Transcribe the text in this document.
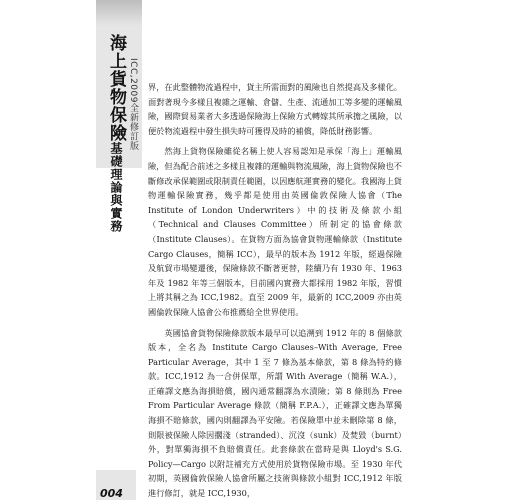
海上貨物保險基礎理論與實務
ICC,2009全新修訂版 界，在此整體物流過程中，貨主所需面對的風險也自然提高及多樣化。面對著現今多樣且複雜之運輸、倉儲、生產、流通加工等多變的運輸風險，國際貿易業者大多透過保險海上保險方式轉嫁其所承擔之風險，以便於物流過程中發生損失時可獲得及時的補償，降低財務影響。

然海上貨物保險雖從名稱上使人容易認知是承保「海上」運輸風險，但為配合前述之多樣且複雜的運輸與物流風險，海上貨物保險也不斷修改承保範圍或限制責任範圍，以因應航運實務的變化。我國海上貨物運輸保險實務，幾乎都是使用由英國倫敦保險人協會（The Institute of London Underwriters）中的技術及條款小組（Technical and Clauses Committee）所制定的協會條款（Institute Clauses）。在貨物方面為協會貨物運輸條款（Institute Cargo Clauses，簡稱 ICC），最早的版本為 1912 年版，經過保險及航貿市場變遷後，保險條款不斷著更替，陸續乃有 1930 年、1963 年及 1982 年等三個版本，目前國內實務大都採用 1982 年版，習慣上將其稱之為 ICC,1982。直至 2009 年，最新的 ICC,2009 亦由英國倫敦保險人協會公布推薦給全世界使用。

英國協會貨物保險條款版本最早可以追溯到 1912 年的 8 個條款版本，全名為 Institute Cargo Clauses–With Average, Free Particular Average，其中 1 至 7 條為基本條款，第 8 條為特約條款。ICC,1912 為一合併保單，所謂 With Average（簡稱 W.A.），正確譯文應為海損賠償，國內通常翻譯為水漬險；第 8 條則為 Free From Particular Average 條款（簡稱 F.P.A.），正確譯文應為單獨海損不賠條款，國內則翻譯為平安險。若保險單中並未刪除第 8 條，則限被保險人除因擱淺（stranded）、沉沒（sunk）及焚毀（burnt）外，對單獨海損不負賠償責任。此套條款在當時是與 Lloyd's S.G. Policy—Cargo 以附註補充方式使用於貨物保險市場。至 1930 年代初期，英國倫敦保險人協會所屬之技術與條款小組對 ICC,1912 年版進行修訂，就是 ICC,1930，

004
